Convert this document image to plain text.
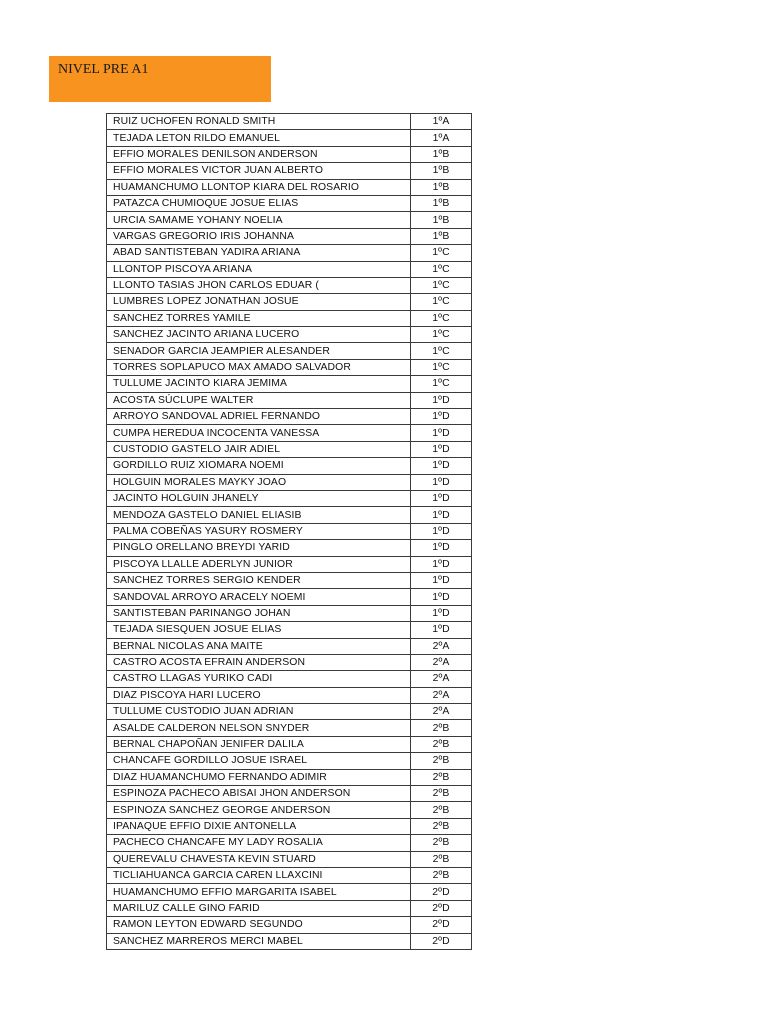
NIVEL PRE A1
RUIZ UCHOFEN RONALD SMITH	1ºA
TEJADA LETON RILDO EMANUEL	1ºA
EFFIO MORALES DENILSON ANDERSON	1ºB
EFFIO MORALES VICTOR JUAN ALBERTO	1ºB
HUAMANCHUMO LLONTOP KIARA DEL ROSARIO	1ºB
PATAZCA CHUMIOQUE JOSUE ELIAS	1ºB
URCIA SAMAME YOHANY NOELIA	1ºB
VARGAS GREGORIO IRIS JOHANNA	1ºB
ABAD SANTISTEBAN YADIRA ARIANA	1ºC
LLONTOP PISCOYA ARIANA	1ºC
LLONTO TASIAS JHON CARLOS EDUAR (	1ºC
LUMBRES LOPEZ JONATHAN JOSUE	1ºC
SANCHEZ TORRES YAMILE	1ºC
SANCHEZ JACINTO ARIANA LUCERO	1ºC
SENADOR GARCIA JEAMPIER ALESANDER	1ºC
TORRES SOPLAPUCO MAX AMADO SALVADOR	1ºC
TULLUME JACINTO KIARA JEMIMA	1ºC
ACOSTA SÚCLUPE WALTER	1ºD
ARROYO SANDOVAL ADRIEL FERNANDO	1ºD
CUMPA HEREDUA INCOCENTA VANESSA	1ºD
CUSTODIO GASTELO JAIR ADIEL	1ºD
GORDILLO RUIZ XIOMARA NOEMI	1ºD
HOLGUIN MORALES MAYKY JOAO	1ºD
JACINTO HOLGUIN JHANELY	1ºD
MENDOZA GASTELO DANIEL ELIASIB	1ºD
PALMA COBEÑAS YASURY ROSMERY	1ºD
PINGLO ORELLANO BREYDI YARID	1ºD
PISCOYA LLALLE ADERLYN JUNIOR	1ºD
SANCHEZ TORRES SERGIO KENDER	1ºD
SANDOVAL ARROYO ARACELY NOEMI	1ºD
SANTISTEBAN PARINANGO JOHAN	1ºD
TEJADA SIESQUEN JOSUE ELIAS	1ºD
BERNAL NICOLAS ANA MAITE	2ºA
CASTRO ACOSTA EFRAIN ANDERSON	2ºA
CASTRO LLAGAS YURIKO CADI	2ºA
DIAZ PISCOYA HARI LUCERO	2ºA
TULLUME CUSTODIO JUAN ADRIAN	2ºA
ASALDE CALDERON NELSON SNYDER	2ºB
BERNAL CHAPOÑAN JENIFER DALILA	2ºB
CHANCAFE GORDILLO JOSUE ISRAEL	2ºB
DIAZ HUAMANCHUMO FERNANDO ADIMIR	2ºB
ESPINOZA PACHECO ABISAI JHON ANDERSON	2ºB
ESPINOZA SANCHEZ GEORGE ANDERSON	2ºB
IPANAQUE EFFIO DIXIE ANTONELLA	2ºB
PACHECO CHANCAFE MY LADY ROSALIA	2ºB
QUEREVALU CHAVESTA KEVIN STUARD	2ºB
TICLIAHUANCA GARCIA CAREN LLAXCINI	2ºB
HUAMANCHUMO EFFIO MARGARITA ISABEL	2ºD
MARILUZ CALLE GINO FARID	2ºD
RAMON LEYTON EDWARD SEGUNDO	2ºD
SANCHEZ MARREROS MERCI MABEL	2ºD
